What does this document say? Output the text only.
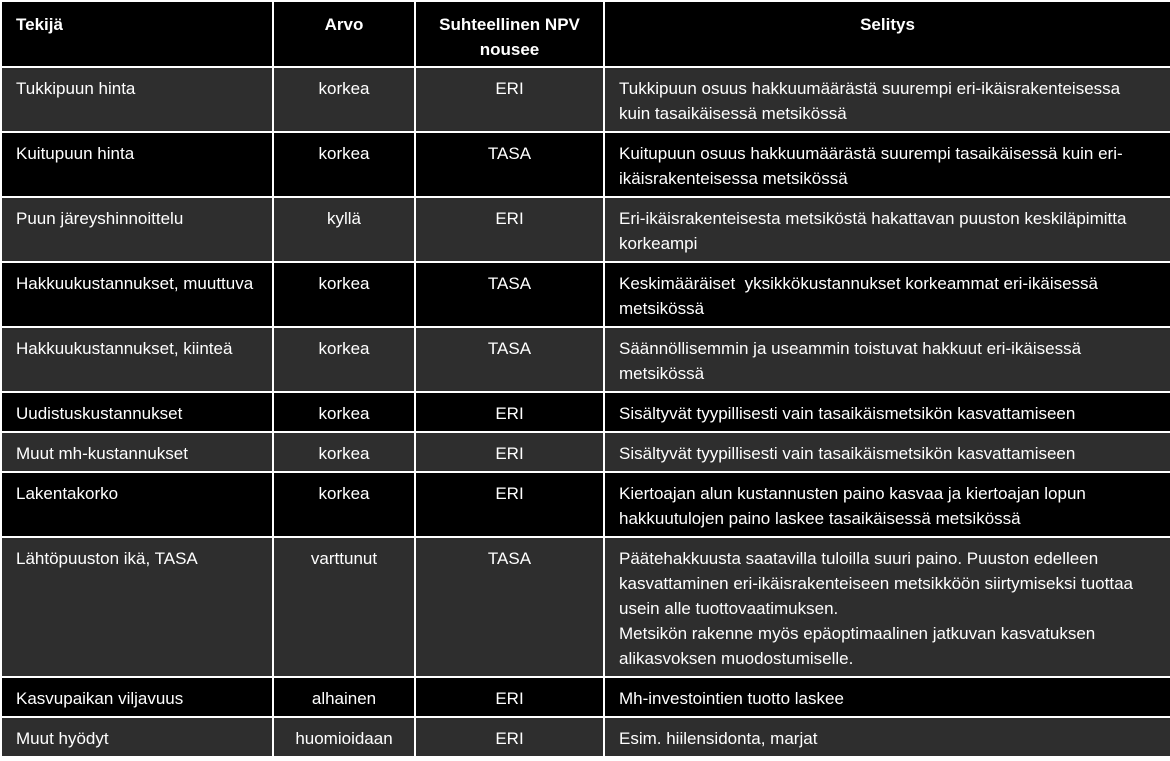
Tekijä	Arvo	Suhteellinen NPV nousee	Selitys
Tukkipuun hinta	korkea	ERI	Tukkipuun osuus hakkuumäärästä suurempi eri-ikäisrakenteisessa kuin tasaikäisessä metsikössä
Kuitupuun hinta	korkea	TASA	Kuitupuun osuus hakkuumäärästä suurempi tasaikäisessä kuin eri-ikäisrakenteisessa metsikössä
Puun järeyshinnoittelu	kyllä	ERI	Eri-ikäisrakenteisesta metsiköstä hakattavan puuston keskiläpimitta korkeampi
Hakkuukustannukset, muuttuva	korkea	TASA	Keskimääräiset  yksikkökustannukset korkeammat eri-ikäisessä metsikössä
Hakkuukustannukset, kiinteä	korkea	TASA	Säännöllisemmin ja useammin toistuvat hakkuut eri-ikäisessä metsikössä
Uudistuskustannukset	korkea	ERI	Sisältyvät tyypillisesti vain tasaikäismetsikön kasvattamiseen
Muut mh-kustannukset	korkea	ERI	Sisältyvät tyypillisesti vain tasaikäismetsikön kasvattamiseen
Lakentakorko	korkea	ERI	Kiertoajan alun kustannusten paino kasvaa ja kiertoajan lopun hakkuutulojen paino laskee tasaikäisessä metsikössä
Lähtöpuuston ikä, TASA	varttunut	TASA	Päätehakkuusta saatavilla tuloilla suuri paino. Puuston edelleen kasvattaminen eri-ikäisrakenteiseen metsikköön siirtymiseksi tuottaa usein alle tuottovaatimuksen.
Metsikön rakenne myös epäoptimaalinen jatkuvan kasvatuksen alikasvoksen muodostumiselle.
Kasvupaikan viljavuus	alhainen	ERI	Mh-investointien tuotto laskee
Muut hyödyt	huomioidaan	ERI	Esim. hiilensidonta, marjat
